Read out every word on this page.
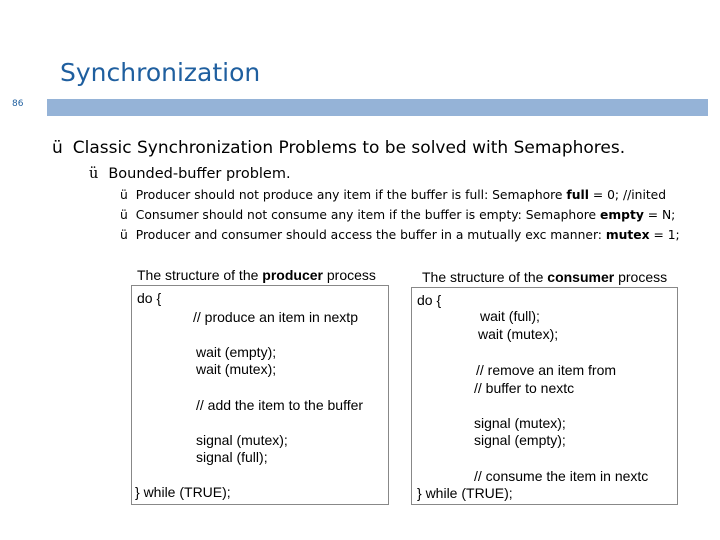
Synchronization
86
ü Classic Synchronization Problems to be solved with Semaphores.
ü Bounded-buffer problem.
ü Producer should not produce any item if the buffer is full: Semaphore full = 0; //inited
ü Consumer should not consume any item if the buffer is empty: Semaphore empty = N;
ü Producer and consumer should access the buffer in a mutually exc manner: mutex = 1;
The structure of the producer process
do {
// produce an item in nextp
wait (empty);
wait (mutex);
// add the item to the buffer
signal (mutex);
signal (full);
} while (TRUE);
The structure of the consumer process
do {
wait (full);
wait (mutex);
// remove an item from
// buffer to nextc
signal (mutex);
signal (empty);
// consume the item in nextc
} while (TRUE);
